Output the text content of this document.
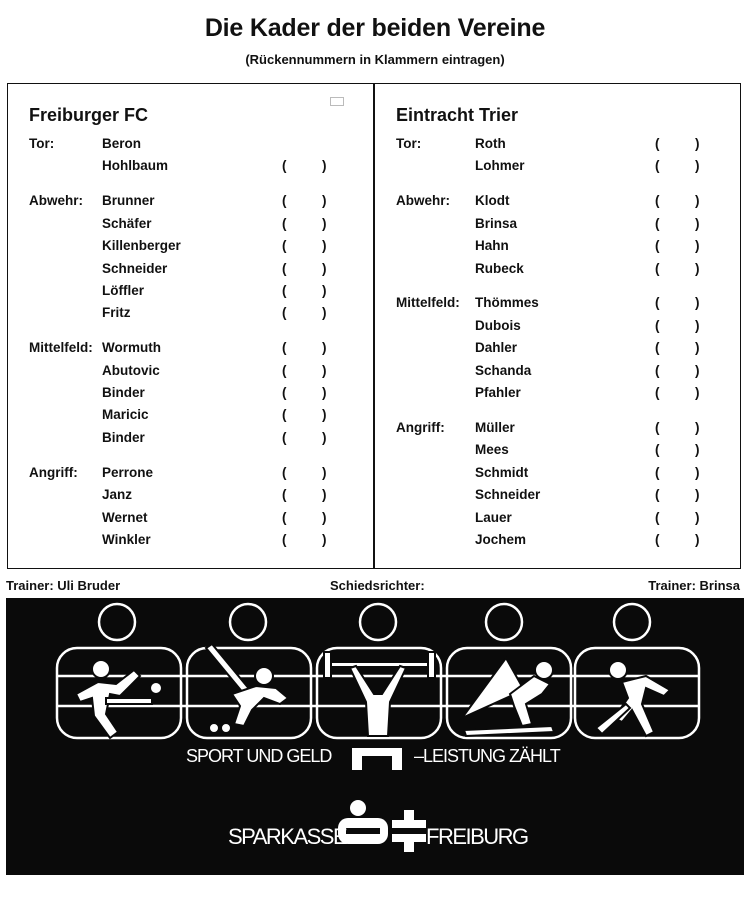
Die Kader der beiden Vereine
(Rückennummern in Klammern eintragen)
Freiburger FC
Tor:	Beron
Hohlbaum	(	)
Abwehr: Brunner	(	)
Schäfer	(	)
Killenberger	(	)
Schneider	(	)
Löffler	(	)
Fritz	(	)
Mittelfeld: Wormuth	(	)
Abutovic	(	)
Binder	(	)
Maricic	(	)
Binder	(	)
Angriff: Perrone	(	)
Janz	(	)
Wernet	(	)
Winkler	(	)
Eintracht Trier
Tor:	Roth	(	)
Lohmer	(	)
Abwehr: Klodt	(	)
Brinsa	(	)
Hahn	(	)
Rubeck	(	)
Mittelfeld: Thömmes	(	)
Dubois	(	)
Dahler	(	)
Schanda	(	)
Pfahler	(	)
Angriff: Müller	(	)
Mees	(	)
Schmidt	(	)
Schneider	(	)
Lauer	(	)
Jochem	(	)
Trainer: Uli Bruder	Schiedsrichter:	Trainer: Brinsa
SPORT UND GELD	–LEISTUNG ZÄHLT
SPARKASSE	FREIBURG
